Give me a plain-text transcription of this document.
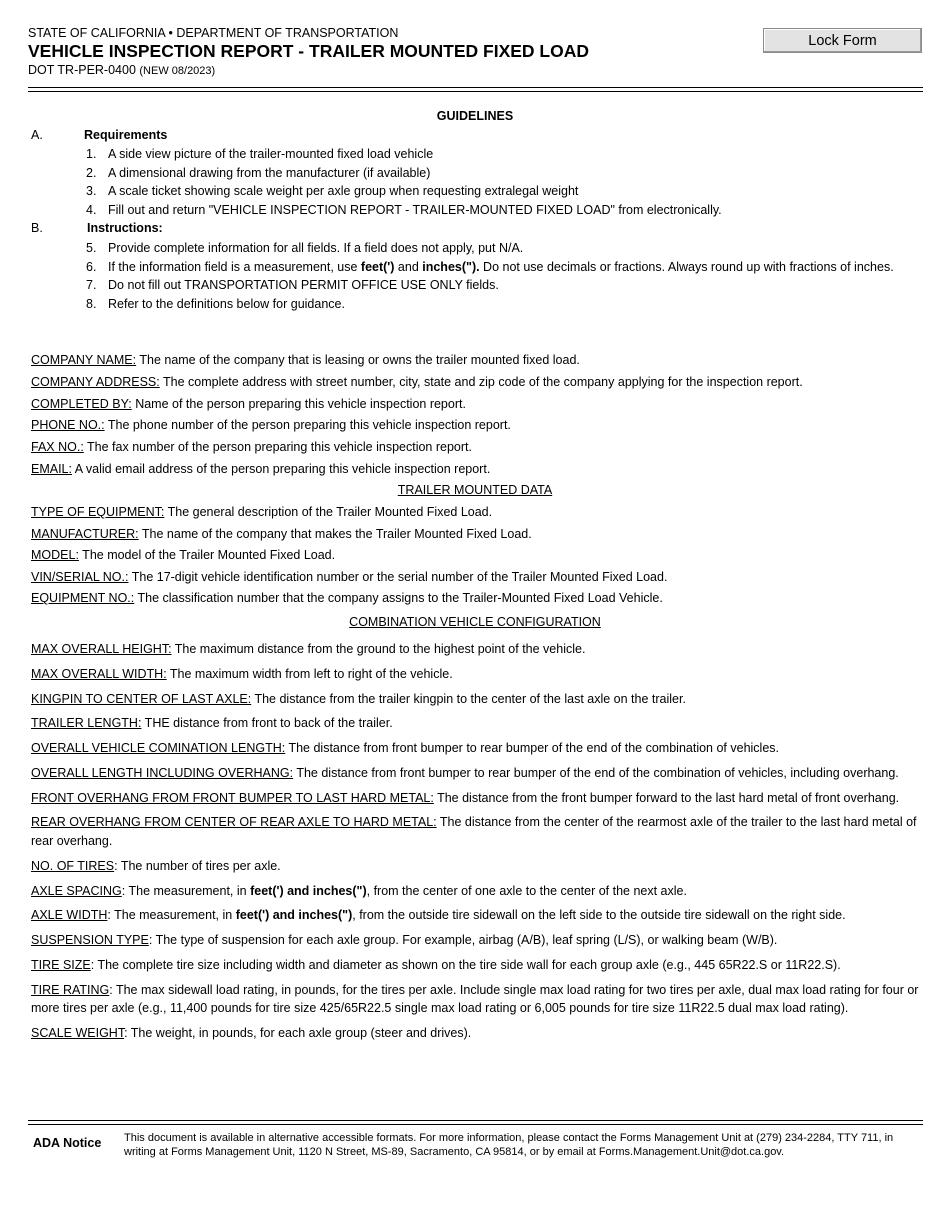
STATE OF CALIFORNIA • DEPARTMENT OF TRANSPORTATION
VEHICLE INSPECTION REPORT - TRAILER MOUNTED FIXED LOAD
DOT TR-PER-0400 (NEW 08/2023)
Lock Form
GUIDELINES
A.	Requirements
1. A side view picture of the trailer-mounted fixed load vehicle
2. A dimensional drawing from the manufacturer (if available)
3. A scale ticket showing scale weight per axle group when requesting extralegal weight
4. Fill out and return "VEHICLE INSPECTION REPORT - TRAILER-MOUNTED FIXED LOAD" from electronically.
B.	Instructions:
5. Provide complete information for all fields. If a field does not apply, put N/A.
6. If the information field is a measurement, use feet(') and inches("). Do not use decimals or fractions. Always round up with fractions of inches.
7. Do not fill out TRANSPORTATION PERMIT OFFICE USE ONLY fields.
8. Refer to the definitions below for guidance.
COMPANY NAME: The name of the company that is leasing or owns the trailer mounted fixed load.
COMPANY ADDRESS: The complete address with street number, city, state and zip code of the company applying for the inspection report.
COMPLETED BY: Name of the person preparing this vehicle inspection report.
PHONE NO.: The phone number of the person preparing this vehicle inspection report.
FAX NO.: The fax number of the person preparing this vehicle inspection report.
EMAIL: A valid email address of the person preparing this vehicle inspection report.
TRAILER MOUNTED DATA
TYPE OF EQUIPMENT: The general description of the Trailer Mounted Fixed Load.
MANUFACTURER: The name of the company that makes the Trailer Mounted Fixed Load.
MODEL: The model of the Trailer Mounted Fixed Load.
VIN/SERIAL NO.: The 17-digit vehicle identification number or the serial number of the Trailer Mounted Fixed Load.
EQUIPMENT NO.: The classification number that the company assigns to the Trailer-Mounted Fixed Load Vehicle.
COMBINATION VEHICLE CONFIGURATION
MAX OVERALL HEIGHT: The maximum distance from the ground to the highest point of the vehicle.
MAX OVERALL WIDTH: The maximum width from left to right of the vehicle.
KINGPIN TO CENTER OF LAST AXLE: The distance from the trailer kingpin to the center of the last axle on the trailer.
TRAILER LENGTH: THE distance from front to back of the trailer.
OVERALL VEHICLE COMINATION LENGTH: The distance from front bumper to rear bumper of the end of the combination of vehicles.
OVERALL LENGTH INCLUDING OVERHANG: The distance from front bumper to rear bumper of the end of the combination of vehicles, including overhang.
FRONT OVERHANG FROM FRONT BUMPER TO LAST HARD METAL: The distance from the front bumper forward to the last hard metal of front overhang.
REAR OVERHANG FROM CENTER OF REAR AXLE TO HARD METAL: The distance from the center of the rearmost axle of the trailer to the last hard metal of rear overhang.
NO. OF TIRES: The number of tires per axle.
AXLE SPACING: The measurement, in feet(') and inches("), from the center of one axle to the center of the next axle.
AXLE WIDTH: The measurement, in feet(') and inches("), from the outside tire sidewall on the left side to the outside tire sidewall on the right side.
SUSPENSION TYPE: The type of suspension for each axle group. For example, airbag (A/B), leaf spring (L/S), or walking beam (W/B).
TIRE SIZE: The complete tire size including width and diameter as shown on the tire side wall for each group axle (e.g., 445 65R22.S or 11R22.S).
TIRE RATING: The max sidewall load rating, in pounds, for the tires per axle. Include single max load rating for two tires per axle, dual max load rating for four or more tires per axle (e.g., 11,400 pounds for tire size 425/65R22.5 single max load rating or 6,005 pounds for tire size 11R22.5 dual max load rating).
SCALE WEIGHT: The weight, in pounds, for each axle group (steer and drives).
ADA Notice This document is available in alternative accessible formats. For more information, please contact the Forms Management Unit at (279) 234-2284, TTY 711, in writing at Forms Management Unit, 1120 N Street, MS-89, Sacramento, CA 95814, or by email at Forms.Management.Unit@dot.ca.gov.
